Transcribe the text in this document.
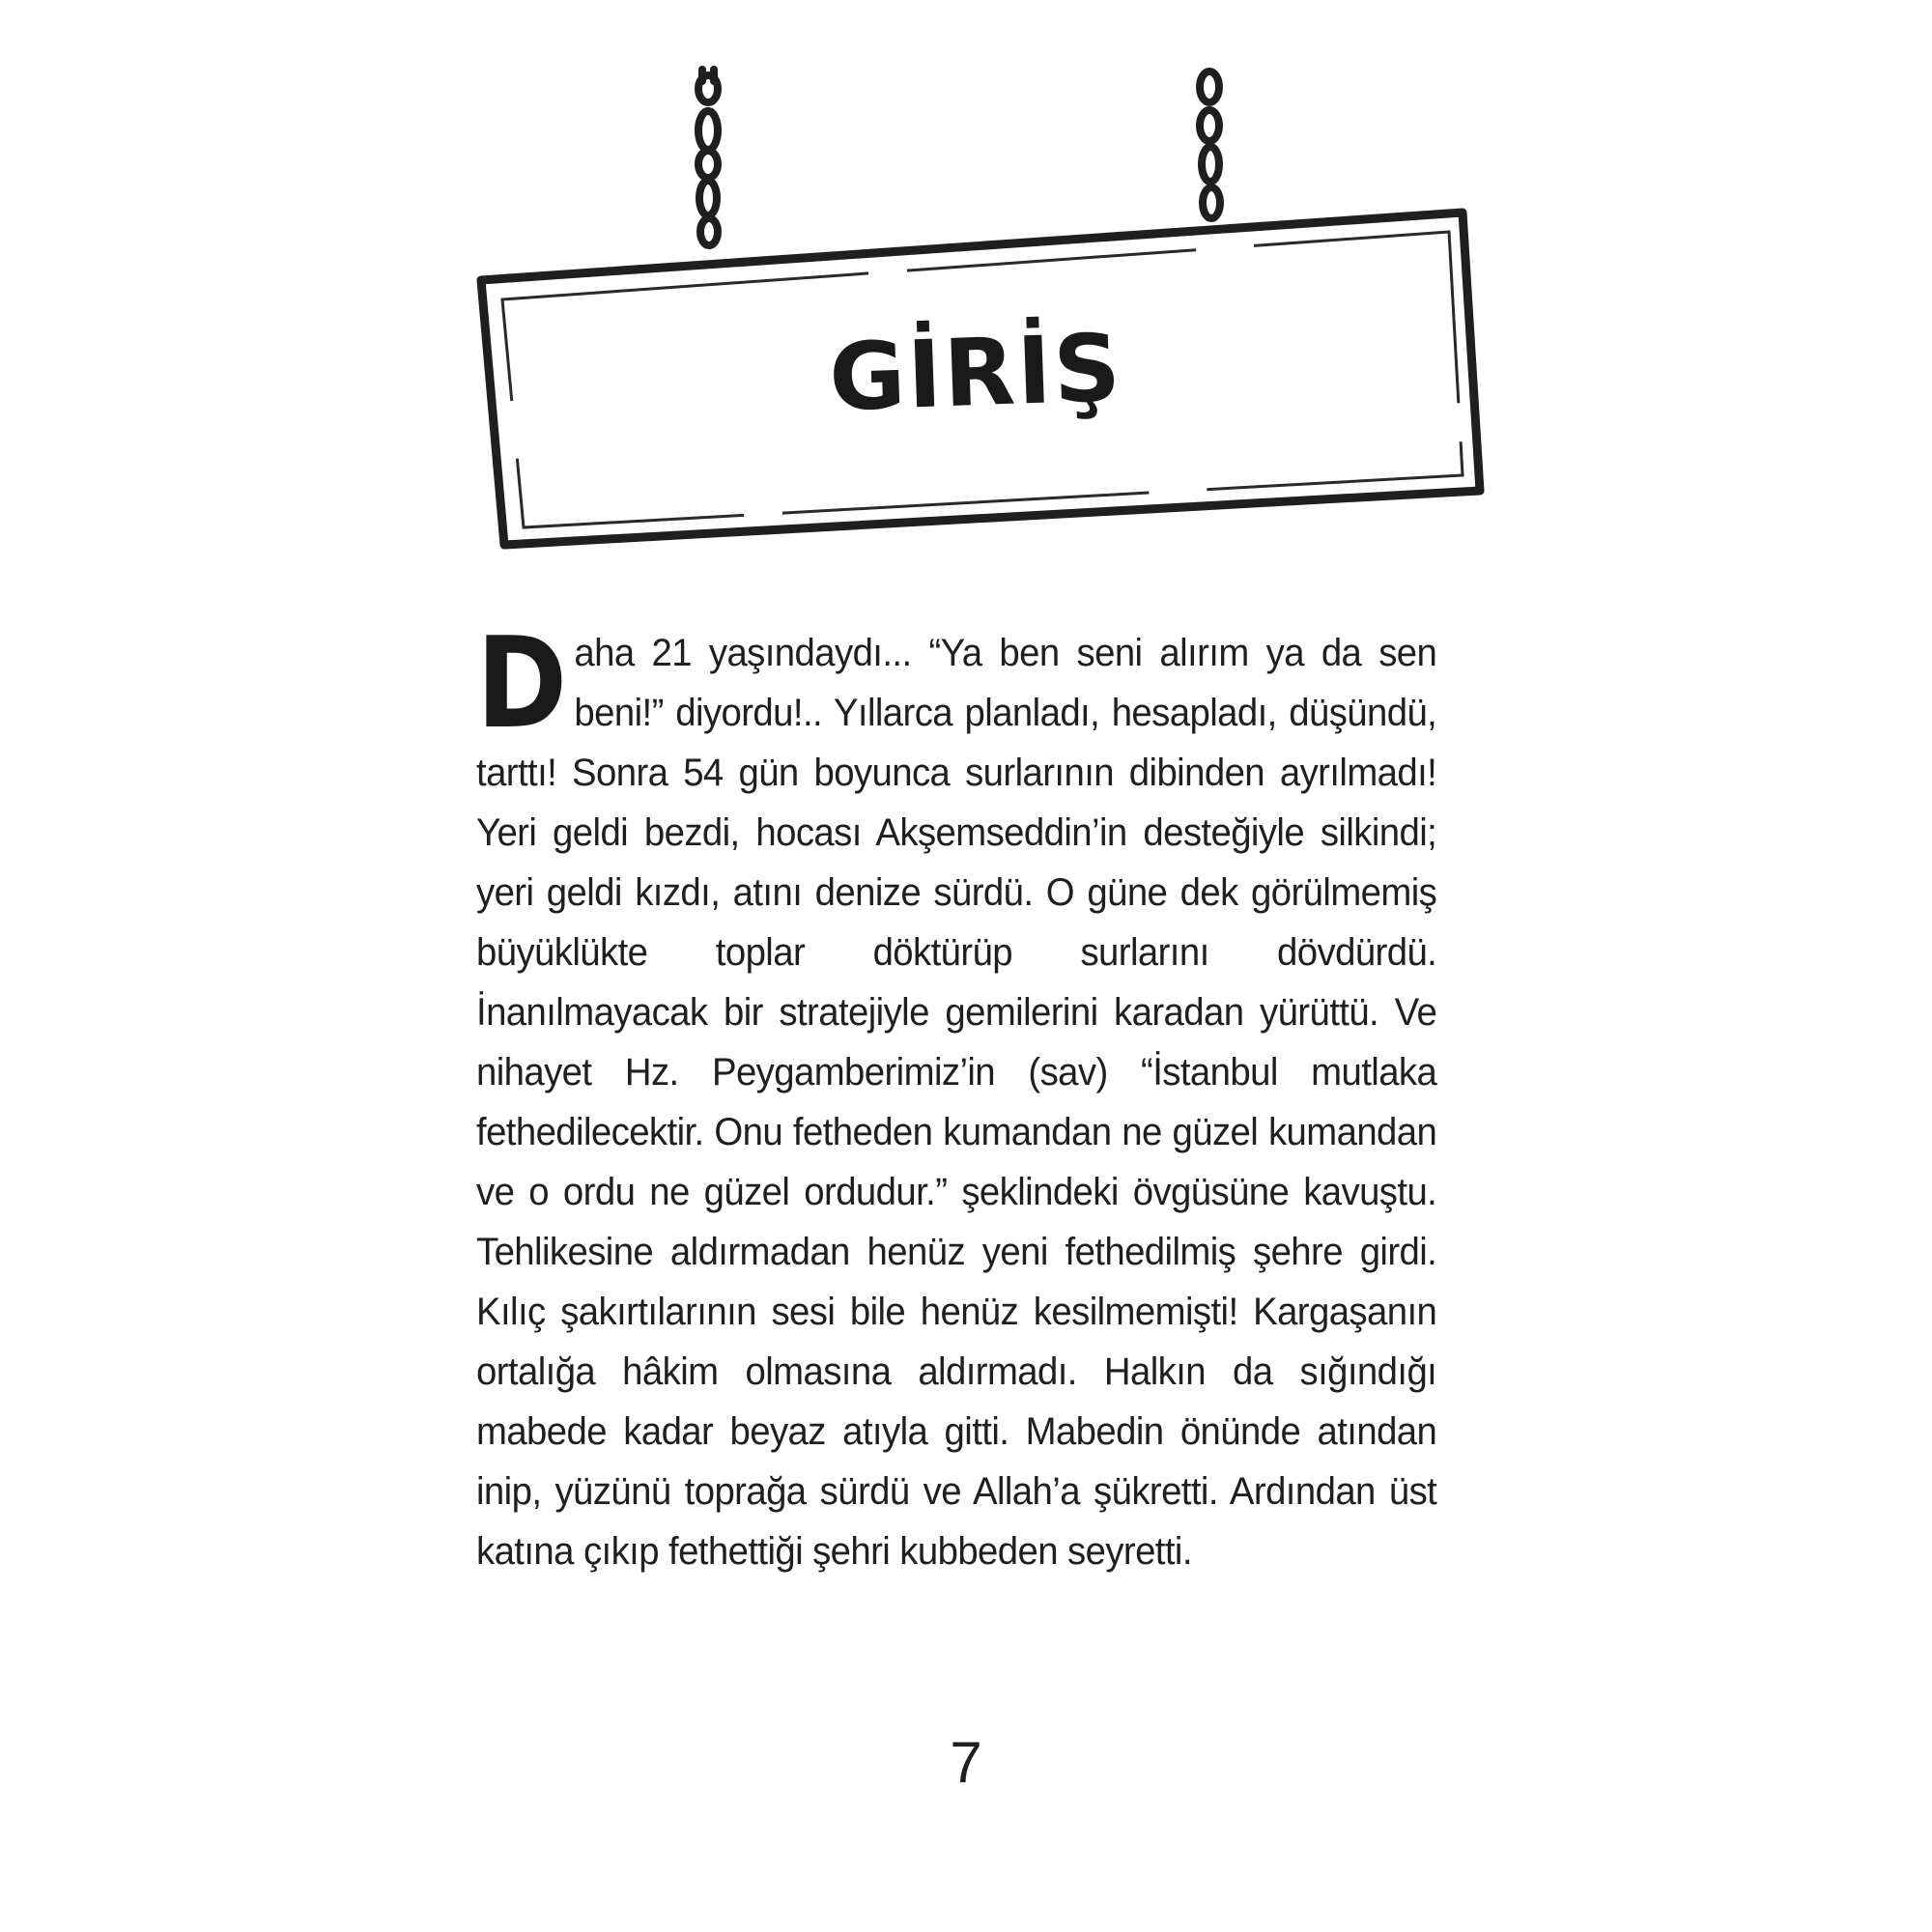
GİRİŞ
Daha 21 yaşındaydı... “Ya ben seni alırım ya da sen beni!” diyordu!.. Yıllarca planladı, hesapladı, düşündü, tarttı! Sonra 54 gün boyunca surlarının dibinden ayrılmadı! Yeri geldi bezdi, hocası Akşemseddin’in desteğiyle silkindi; yeri geldi kızdı, atını denize sürdü. O güne dek görülmemiş büyüklükte toplar döktürüp surlarını dövdürdü. İnanılmayacak bir stratejiyle gemilerini karadan yürüttü. Ve nihayet Hz. Peygamberimiz’in (sav) “İstanbul mutlaka fethedilecektir. Onu fetheden kumandan ne güzel kumandan ve o ordu ne güzel ordudur.” şeklindeki övgüsüne kavuştu. Tehlikesine aldırmadan henüz yeni fethedilmiş şehre girdi. Kılıç şakırtılarının sesi bile henüz kesilmemişti! Kargaşanın ortalığa hâkim olmasına aldırmadı. Halkın da sığındığı mabede kadar beyaz atıyla gitti. Mabedin önünde atından inip, yüzünü toprağa sürdü ve Allah’a şükretti. Ardından üst katına çıkıp fethettiği şehri kubbeden seyretti.
7
